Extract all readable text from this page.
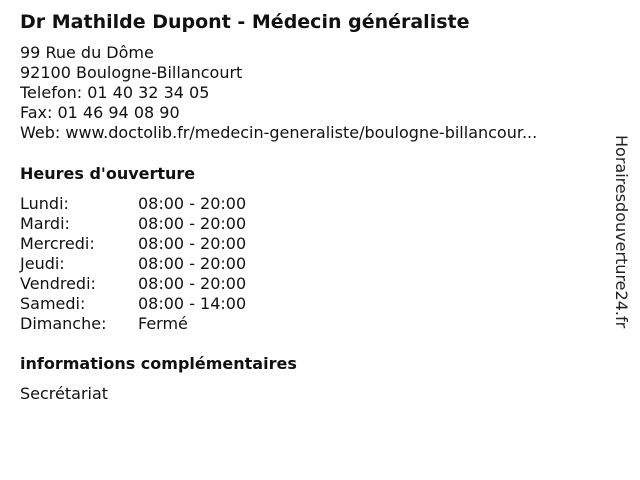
Dr Mathilde Dupont - Médecin généraliste
99 Rue du Dôme
92100 Boulogne-Billancourt
Telefon: 01 40 32 34 05
Fax: 01 46 94 08 90
Web: www.doctolib.fr/medecin-generaliste/boulogne-billancour...
Heures d'ouverture
Lundi:	08:00 - 20:00
Mardi:	08:00 - 20:00
Mercredi:	08:00 - 20:00
Jeudi:	08:00 - 20:00
Vendredi:	08:00 - 20:00
Samedi:	08:00 - 14:00
Dimanche:	Fermé
informations complémentaires
Secrétariat
Horairesdouverture24.fr
